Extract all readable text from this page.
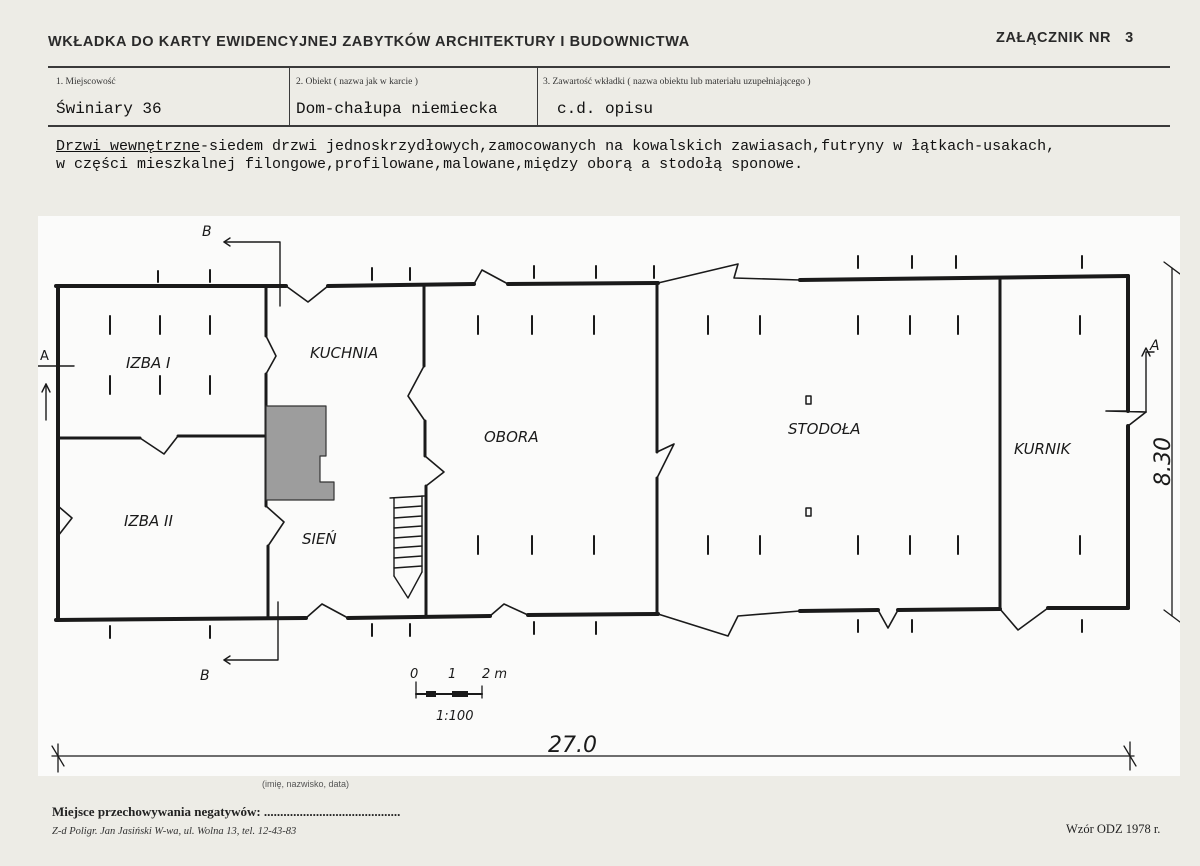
WKŁADKA DO KARTY EWIDENCYJNEJ ZABYTKÓW ARCHITEKTURY I BUDOWNICTWA	ZAŁĄCZNIK NR 3
1. Miejscowość
Świniary 36
2. Obiekt ( nazwa jak w karcie )
Dom-chałupa niemiecka
3. Zawartość wkładki ( nazwa obiektu lub materiału uzupełniającego )
c.d. opisu
Drzwi wewnętrzne-siedem drzwi jednoskrzydłowych,zamocowanych na kowalskich zawiasach,futryny w łątkach-usakach,
w części mieszkalnej filongowe,profilowane,malowane,między oborą a stodołą sponowe.
IZBA I
IZBA II
KUCHNIA
SIEŃ
OBORA	STODOŁA
KURNIK
A
A
B
B
8.30
27.0
0 1 2 m
1:100
(imię, nazwisko, data)
Miejsce przechowywania negatywów: ..........................................
Z-d Poligr. Jan Jasiński W-wa, ul. Wolna 13, tel. 12-43-83	Wzór ODZ 1978 r.
